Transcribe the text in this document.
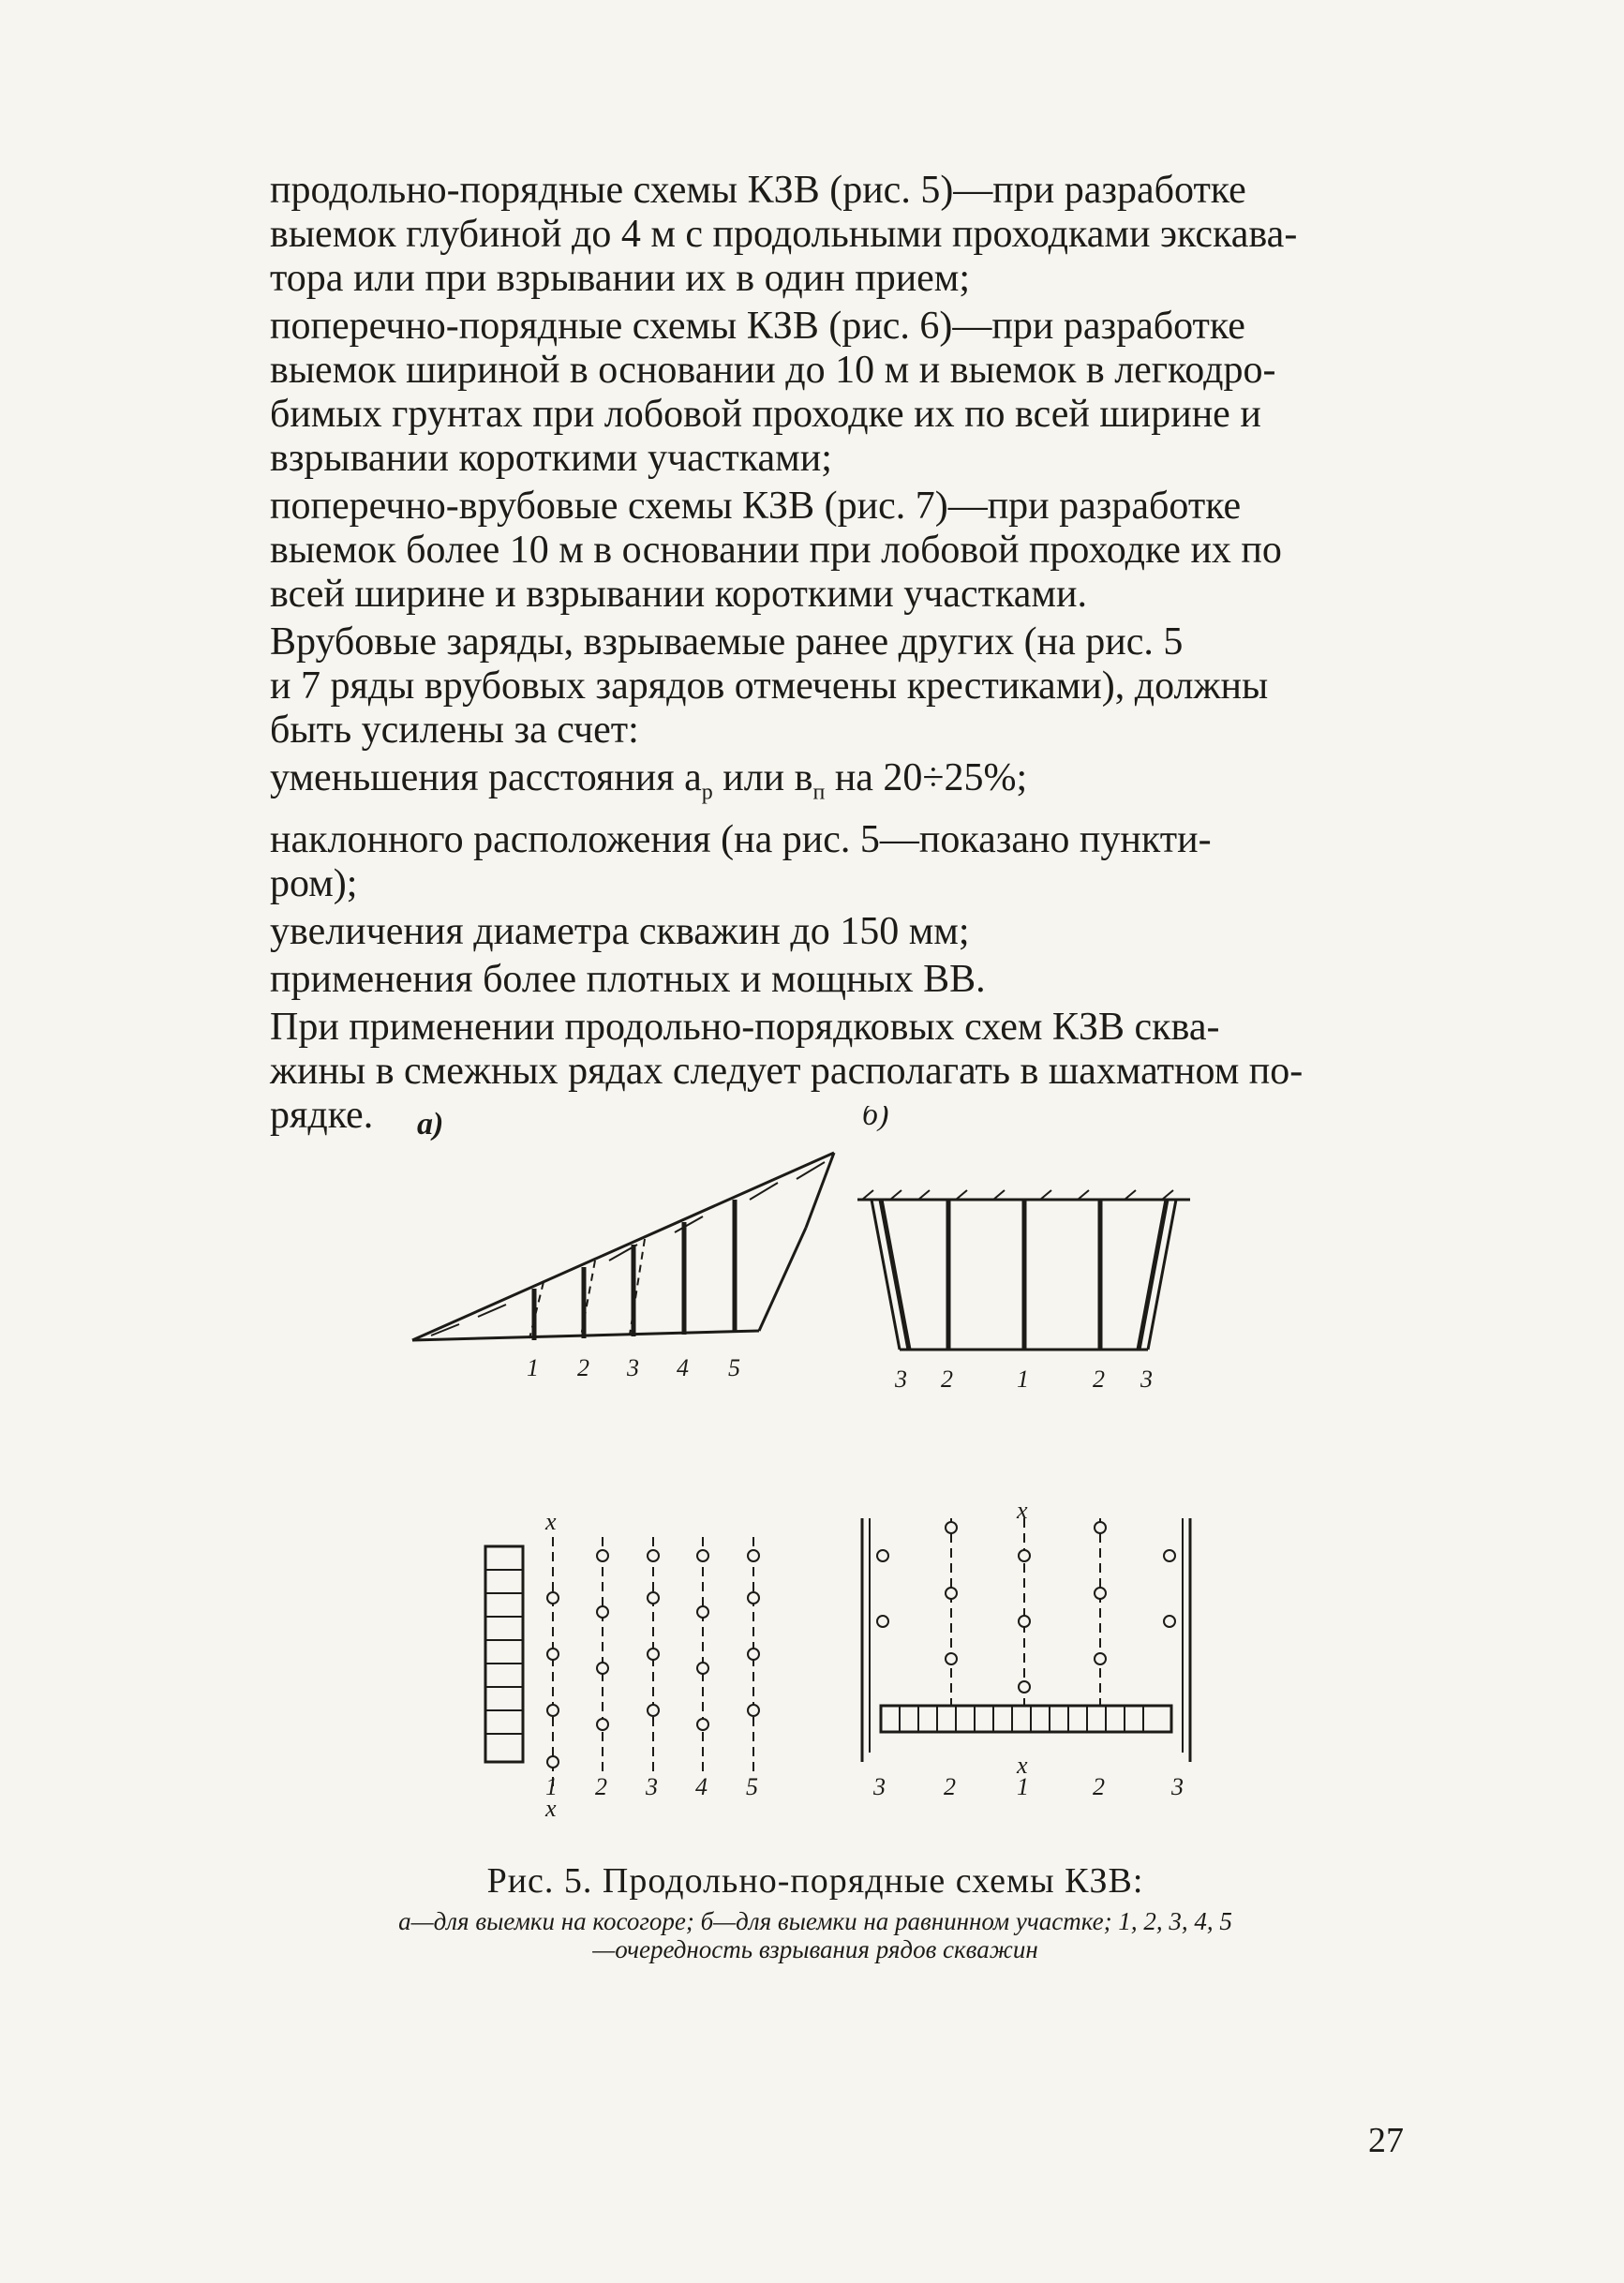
продольно-порядные схемы КЗВ (рис. 5)—при разработке
выемок глубиной до 4 м с продольными проходками экскава-
тора или при взрывании их в один прием;

поперечно-порядные схемы КЗВ (рис. 6)—при разработке
выемок шириной в основании до 10 м и выемок в легкодро-
бимых грунтах при лобовой проходке их по всей ширине и
взрывании короткими участками;

поперечно-врубовые схемы КЗВ (рис. 7)—при разработке
выемок более 10 м в основании при лобовой проходке их по
всей ширине и взрывании короткими участками.

Врубовые заряды, взрываемые ранее других (на рис. 5
и 7 ряды врубовых зарядов отмечены крестиками), должны
быть усилены за счет:

уменьшения расстояния $a_р$ или $в_п$ на 20÷25%;

наклонного расположения (на рис. 5—показано пункти-
ром);

увеличения диаметра скважин до 150 мм;

применения более плотных и мощных ВВ.

При применении продольно-порядковых схем КЗВ сква-
жины в смежных рядах следует располагать в шахматном по-
рядке.	а)	б)
1 2 3 4 5	3 2	1	2 3
1 2 3 4 5	3 2	1	2	3
x
x
x
x
Рис. 5. Продольно-порядные схемы КЗВ:
а—для выемки на косогоре; б—для выемки на равнинном участке; 1, 2, 3, 4, 5—очередность взрывания рядов скважин
27
